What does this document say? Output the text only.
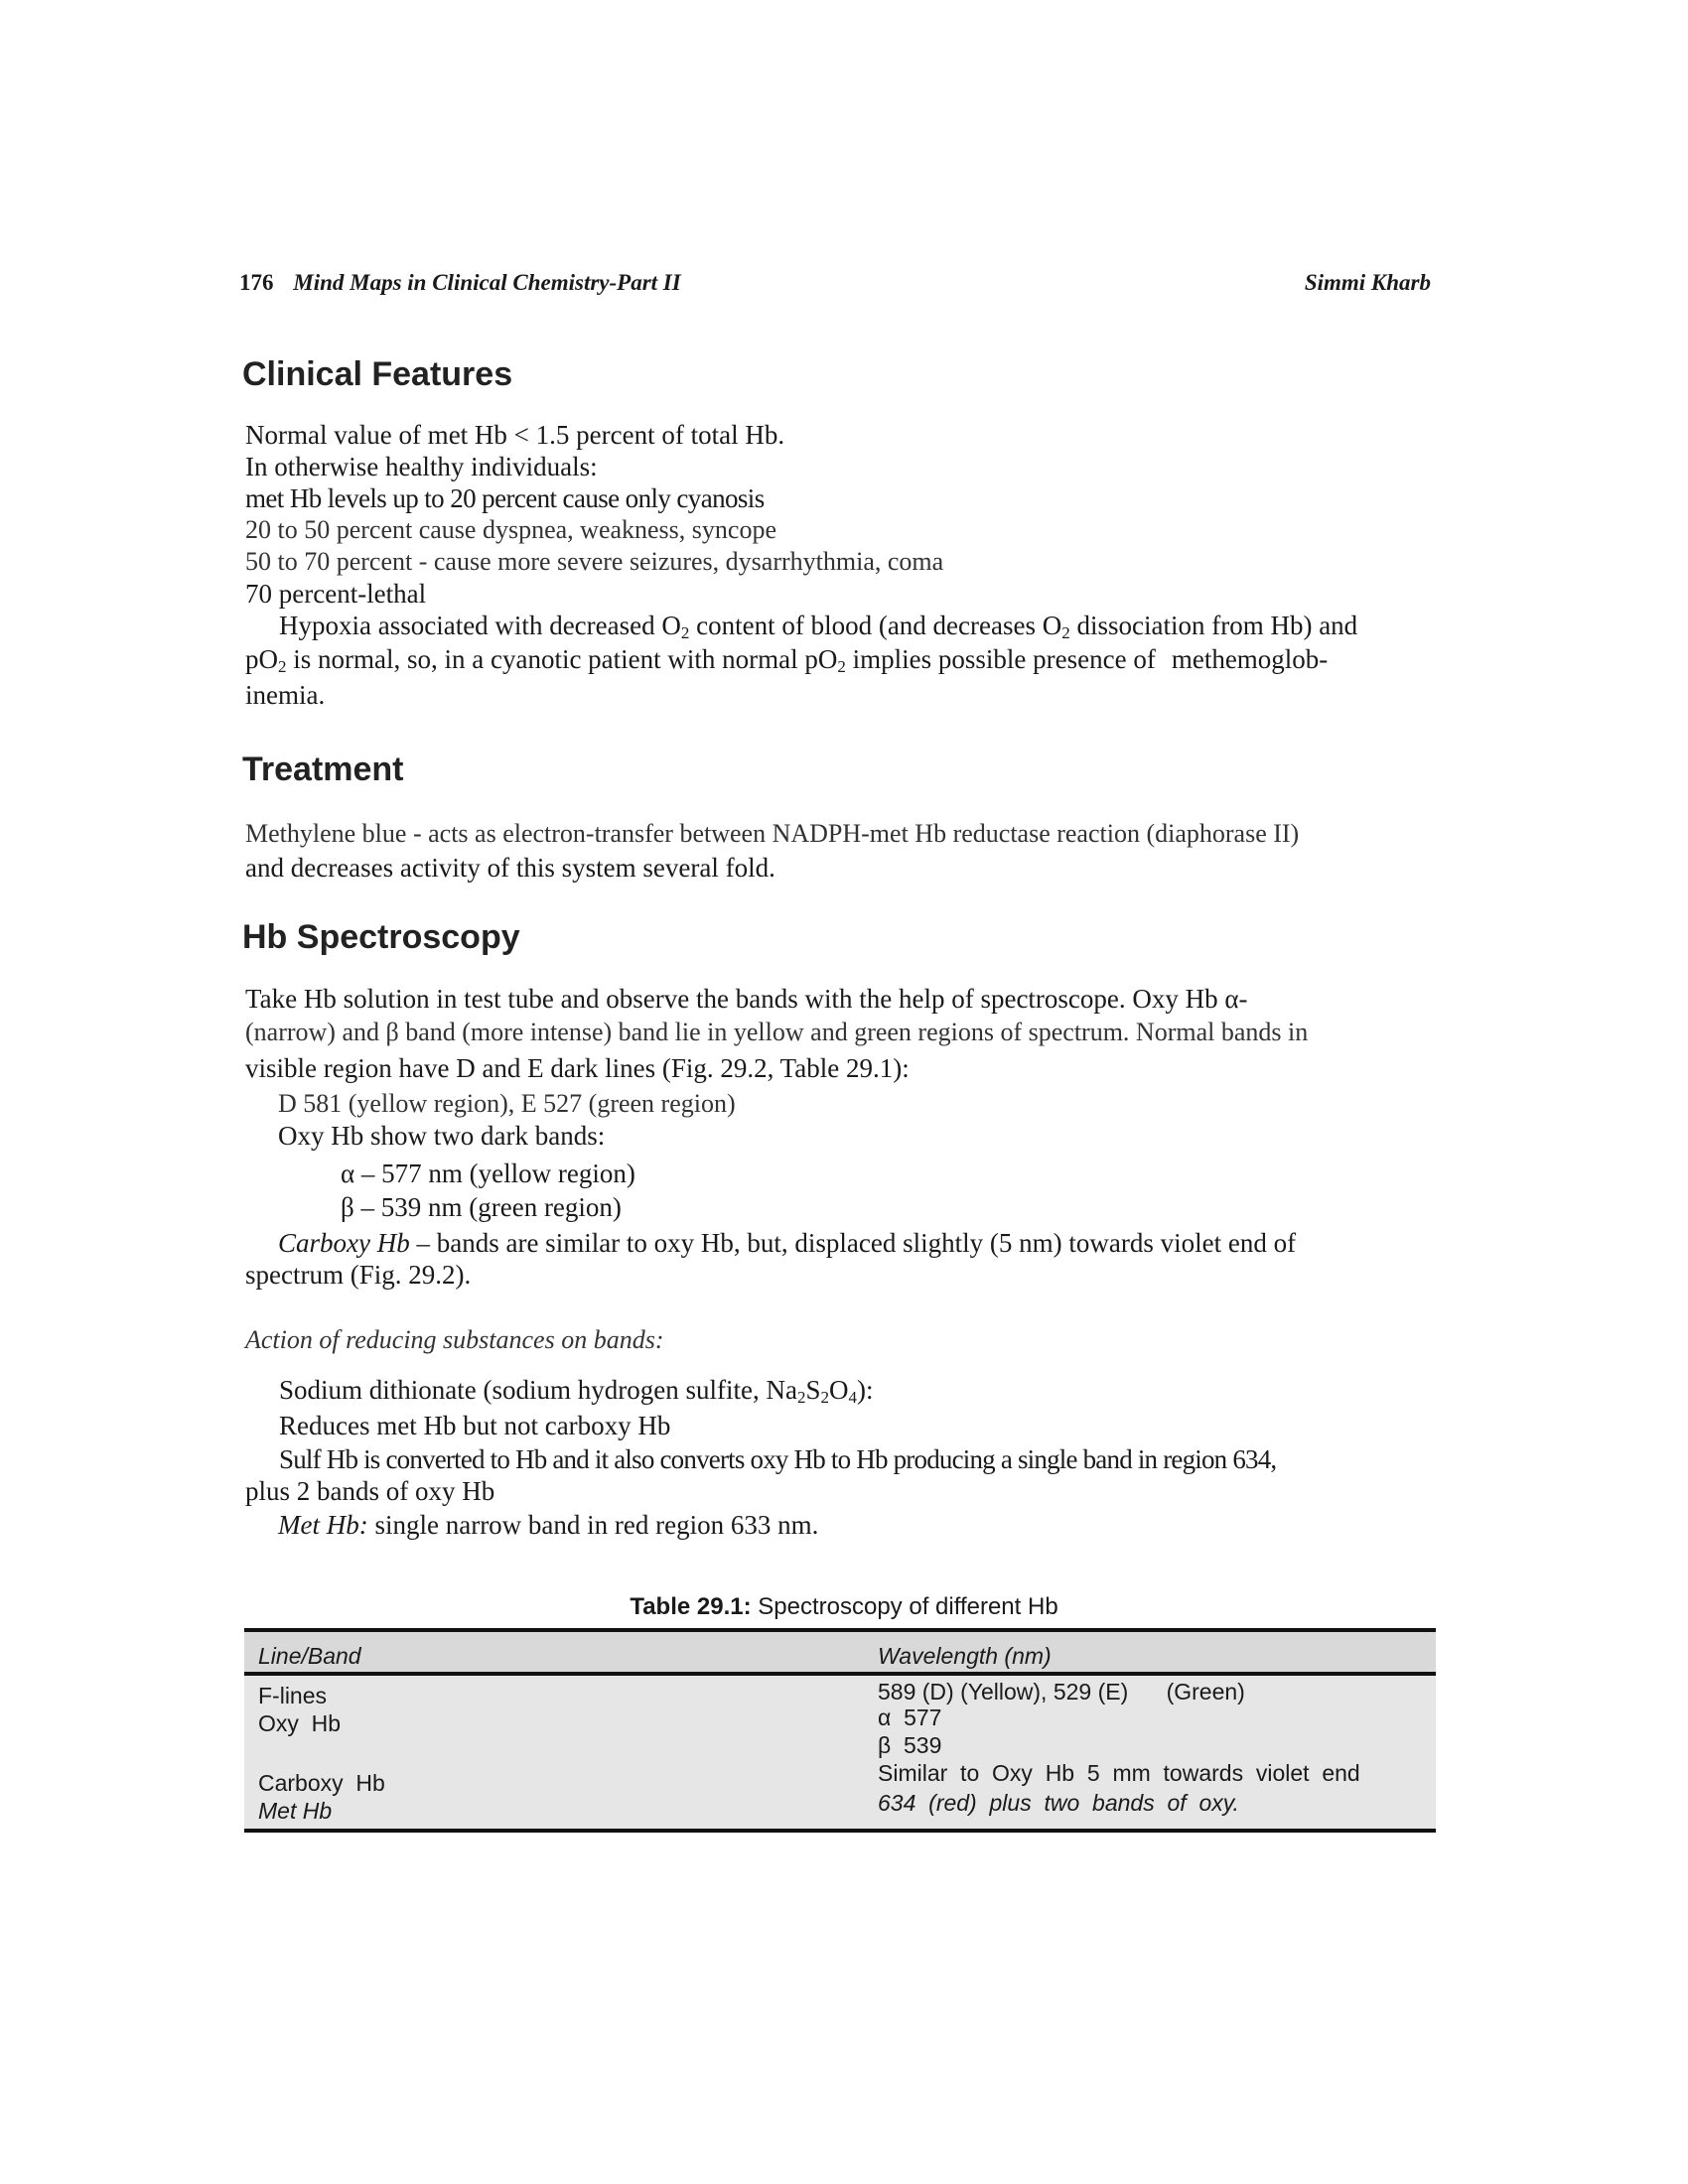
176 Mind Maps in Clinical Chemistry-Part II	Simmi Kharb
Clinical Features
Normal value of met Hb < 1.5 percent of total Hb.
In otherwise healthy individuals:
met Hb levels up to 20 percent cause only cyanosis
20 to 50 percent cause dyspnea, weakness, syncope
50 to 70 percent - cause more severe seizures, dysarrhythmia, coma
70 percent-lethal
Hypoxia associated with decreased $O_2$ content of blood (and decreases $O_2$ dissociation from Hb) and
$pO_2$ is normal, so, in a cyanotic patient with normal $pO_2$ implies possible presence of methemoglob-
inemia.
Treatment
Methylene blue - acts as electron-transfer between NADPH-met Hb reductase reaction (diaphorase II)
and decreases activity of this system several fold.
Hb Spectroscopy
Take Hb solution in test tube and observe the bands with the help of spectroscope. Oxy Hb α-
(narrow) and β band (more intense) band lie in yellow and green regions of spectrum. Normal bands in
visible region have D and E dark lines (Fig. 29.2, Table 29.1):
D 581 (yellow region), E 527 (green region)
Oxy Hb show two dark bands:
α – 577 nm (yellow region)
β – 539 nm (green region)
Carboxy Hb – bands are similar to oxy Hb, but, displaced slightly (5 nm) towards violet end of
spectrum (Fig. 29.2).
Action of reducing substances on bands:
Sodium dithionate (sodium hydrogen sulfite, $Na_2S_2O_4$):
Reduces met Hb but not carboxy Hb
Sulf Hb is converted to Hb and it also converts oxy Hb to Hb producing a single band in region 634,
plus 2 bands of oxy Hb
Met Hb: single narrow band in red region 633 nm.
Table 29.1: Spectroscopy of different Hb
Line/Band	Wavelength (nm)
F-lines	589 (D) (Yellow), 529 (E)      (Green)
Oxy  Hb	α  577
β  539
Carboxy  Hb	Similar  to  Oxy  Hb  5  mm  towards  violet  end
Met Hb	634  (red)  plus  two  bands  of  oxy.
